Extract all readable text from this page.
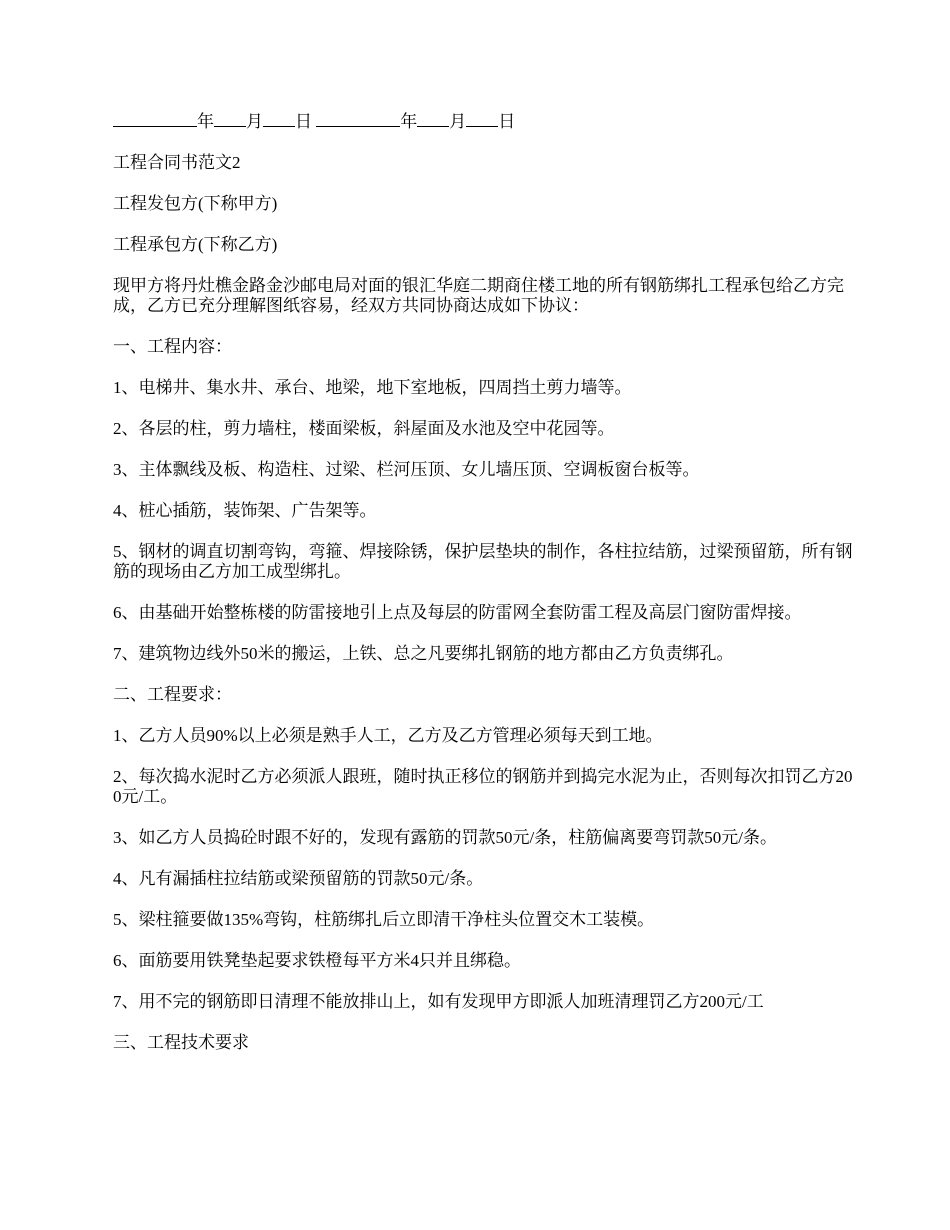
年 月 日	年 月 日

工程合同书范文2

工程发包方(下称甲方)

工程承包方(下称乙方)

现甲方将丹灶樵金路金沙邮电局对面的银汇华庭二期商住楼工地的所有钢筋绑扎工程承包给乙方完成，乙方已充分理解图纸容易，经双方共同协商达成如下协议：

一、工程内容：

1、电梯井、集水井、承台、地梁，地下室地板，四周挡土剪力墙等。

2、各层的柱，剪力墙柱，楼面梁板，斜屋面及水池及空中花园等。

3、主体飘线及板、构造柱、过梁、栏河压顶、女儿墙压顶、空调板窗台板等。

4、桩心插筋，装饰架、广告架等。

5、钢材的调直切割弯钩，弯箍、焊接除锈，保护层垫块的制作，各柱拉结筋，过梁预留筋，所有钢筋的现场由乙方加工成型绑扎。

6、由基础开始整栋楼的防雷接地引上点及每层的防雷网全套防雷工程及高层门窗防雷焊接。

7、建筑物边线外50米的搬运，上铁、总之凡要绑扎钢筋的地方都由乙方负责绑孔。

二、工程要求：

1、乙方人员90%以上必须是熟手人工，乙方及乙方管理必须每天到工地。

2、每次捣水泥时乙方必须派人跟班，随时执正移位的钢筋并到捣完水泥为止，否则每次扣罚乙方200元/工。

3、如乙方人员捣砼时跟不好的，发现有露筋的罚款50元/条，柱筋偏离要弯罚款50元/条。

4、凡有漏插柱拉结筋或梁预留筋的罚款50元/条。

5、梁柱箍要做135%弯钩，柱筋绑扎后立即清干净柱头位置交木工装模。

6、面筋要用铁凳垫起要求铁橙每平方米4只并且绑稳。

7、用不完的钢筋即日清理不能放排山上，如有发现甲方即派人加班清理罚乙方200元/工

三、工程技术要求
